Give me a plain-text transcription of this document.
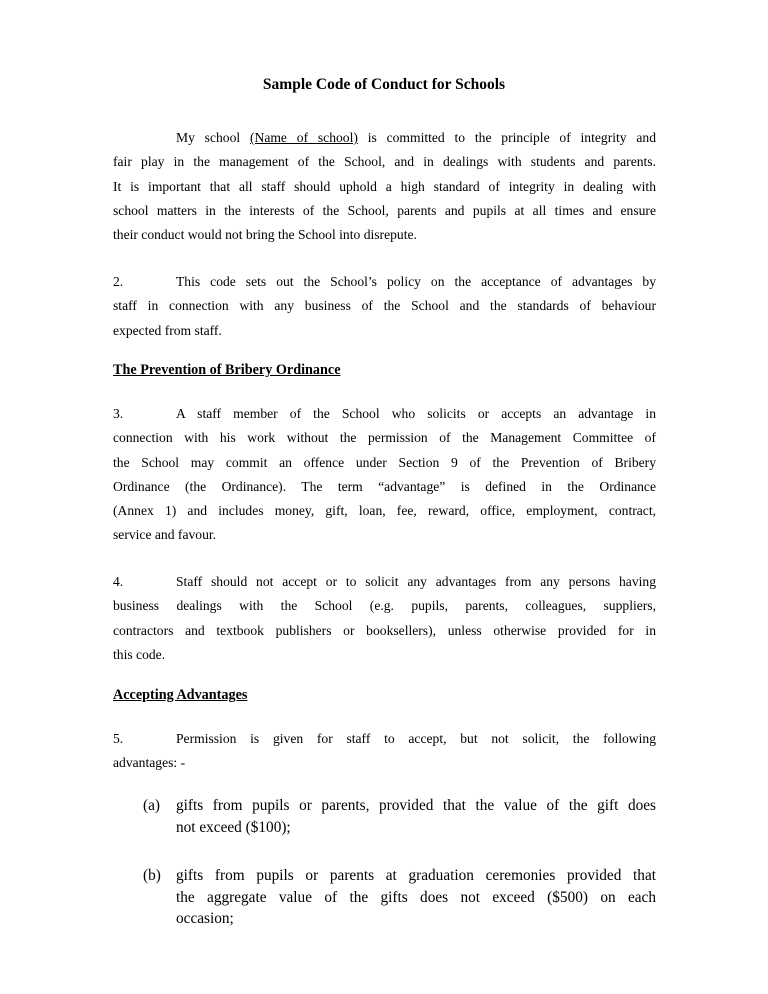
Sample Code of Conduct for Schools
My school (Name of school) is committed to the principle of integrity and
fair play in the management of the School, and in dealings with students and parents.
It is important that all staff should uphold a high standard of integrity in dealing with
school matters in the interests of the School, parents and pupils at all times and ensure
their conduct would not bring the School into disrepute.
2.	This code sets out the School’s policy on the acceptance of advantages by
staff in connection with any business of the School and the standards of behaviour
expected from staff.
The Prevention of Bribery Ordinance
3.	A staff member of the School who solicits or accepts an advantage in
connection with his work without the permission of the Management Committee of
the School may commit an offence under Section 9 of the Prevention of Bribery
Ordinance (the Ordinance). The term “advantage” is defined in the Ordinance
(Annex 1) and includes money, gift, loan, fee, reward, office, employment, contract,
service and favour.
4.	Staff should not accept or to solicit any advantages from any persons having
business dealings with the School (e.g. pupils, parents, colleagues, suppliers,
contractors and textbook publishers or booksellers), unless otherwise provided for in
this code.
Accepting Advantages
5.	Permission is given for staff to accept, but not solicit, the following
advantages: -
(a) gifts from pupils or parents, provided that the value of the gift does
not exceed ($100);
(b) gifts from pupils or parents at graduation ceremonies provided that
the aggregate value of the gifts does not exceed ($500) on each
occasion;
